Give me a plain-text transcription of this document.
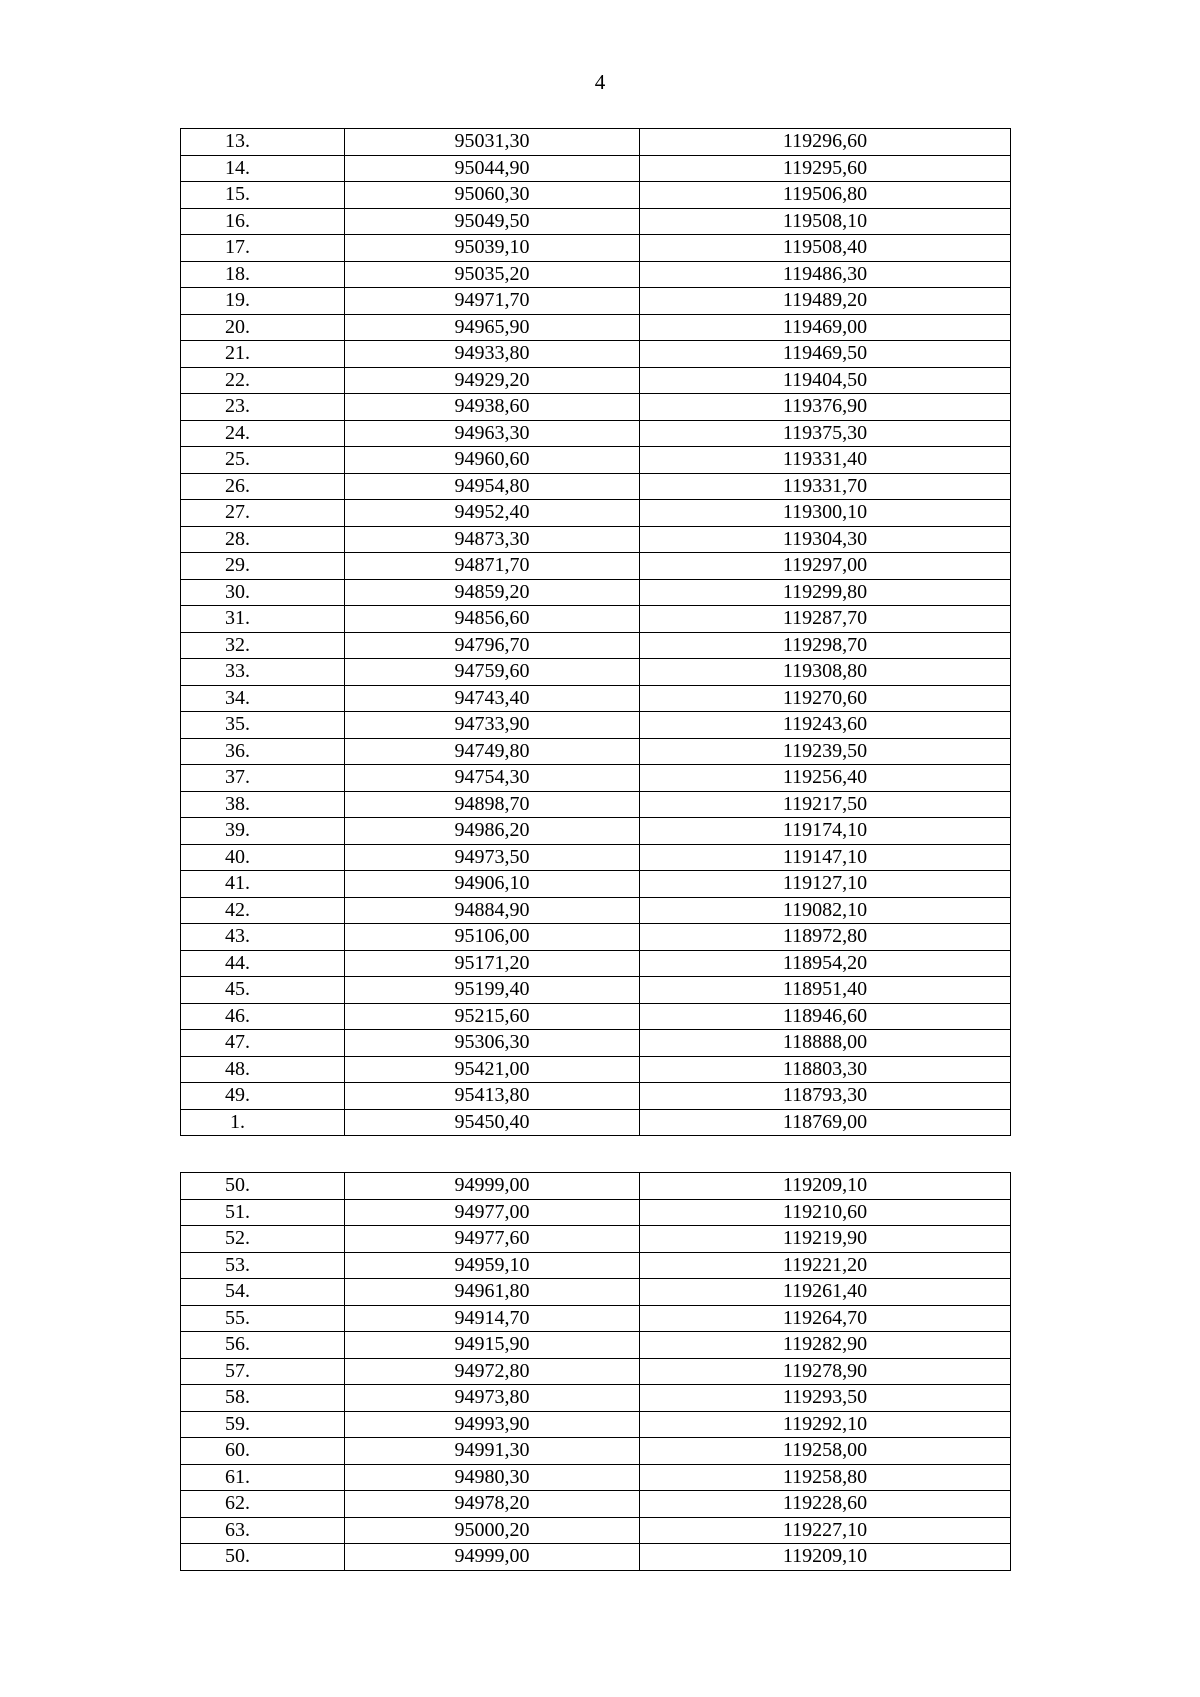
4
13.	95031,30	119296,60
14.	95044,90	119295,60
15.	95060,30	119506,80
16.	95049,50	119508,10
17.	95039,10	119508,40
18.	95035,20	119486,30
19.	94971,70	119489,20
20.	94965,90	119469,00
21.	94933,80	119469,50
22.	94929,20	119404,50
23.	94938,60	119376,90
24.	94963,30	119375,30
25.	94960,60	119331,40
26.	94954,80	119331,70
27.	94952,40	119300,10
28.	94873,30	119304,30
29.	94871,70	119297,00
30.	94859,20	119299,80
31.	94856,60	119287,70
32.	94796,70	119298,70
33.	94759,60	119308,80
34.	94743,40	119270,60
35.	94733,90	119243,60
36.	94749,80	119239,50
37.	94754,30	119256,40
38.	94898,70	119217,50
39.	94986,20	119174,10
40.	94973,50	119147,10
41.	94906,10	119127,10
42.	94884,90	119082,10
43.	95106,00	118972,80
44.	95171,20	118954,20
45.	95199,40	118951,40
46.	95215,60	118946,60
47.	95306,30	118888,00
48.	95421,00	118803,30
49.	95413,80	118793,30
1.	95450,40	118769,00
50.	94999,00	119209,10
51.	94977,00	119210,60
52.	94977,60	119219,90
53.	94959,10	119221,20
54.	94961,80	119261,40
55.	94914,70	119264,70
56.	94915,90	119282,90
57.	94972,80	119278,90
58.	94973,80	119293,50
59.	94993,90	119292,10
60.	94991,30	119258,00
61.	94980,30	119258,80
62.	94978,20	119228,60
63.	95000,20	119227,10
50.	94999,00	119209,10
